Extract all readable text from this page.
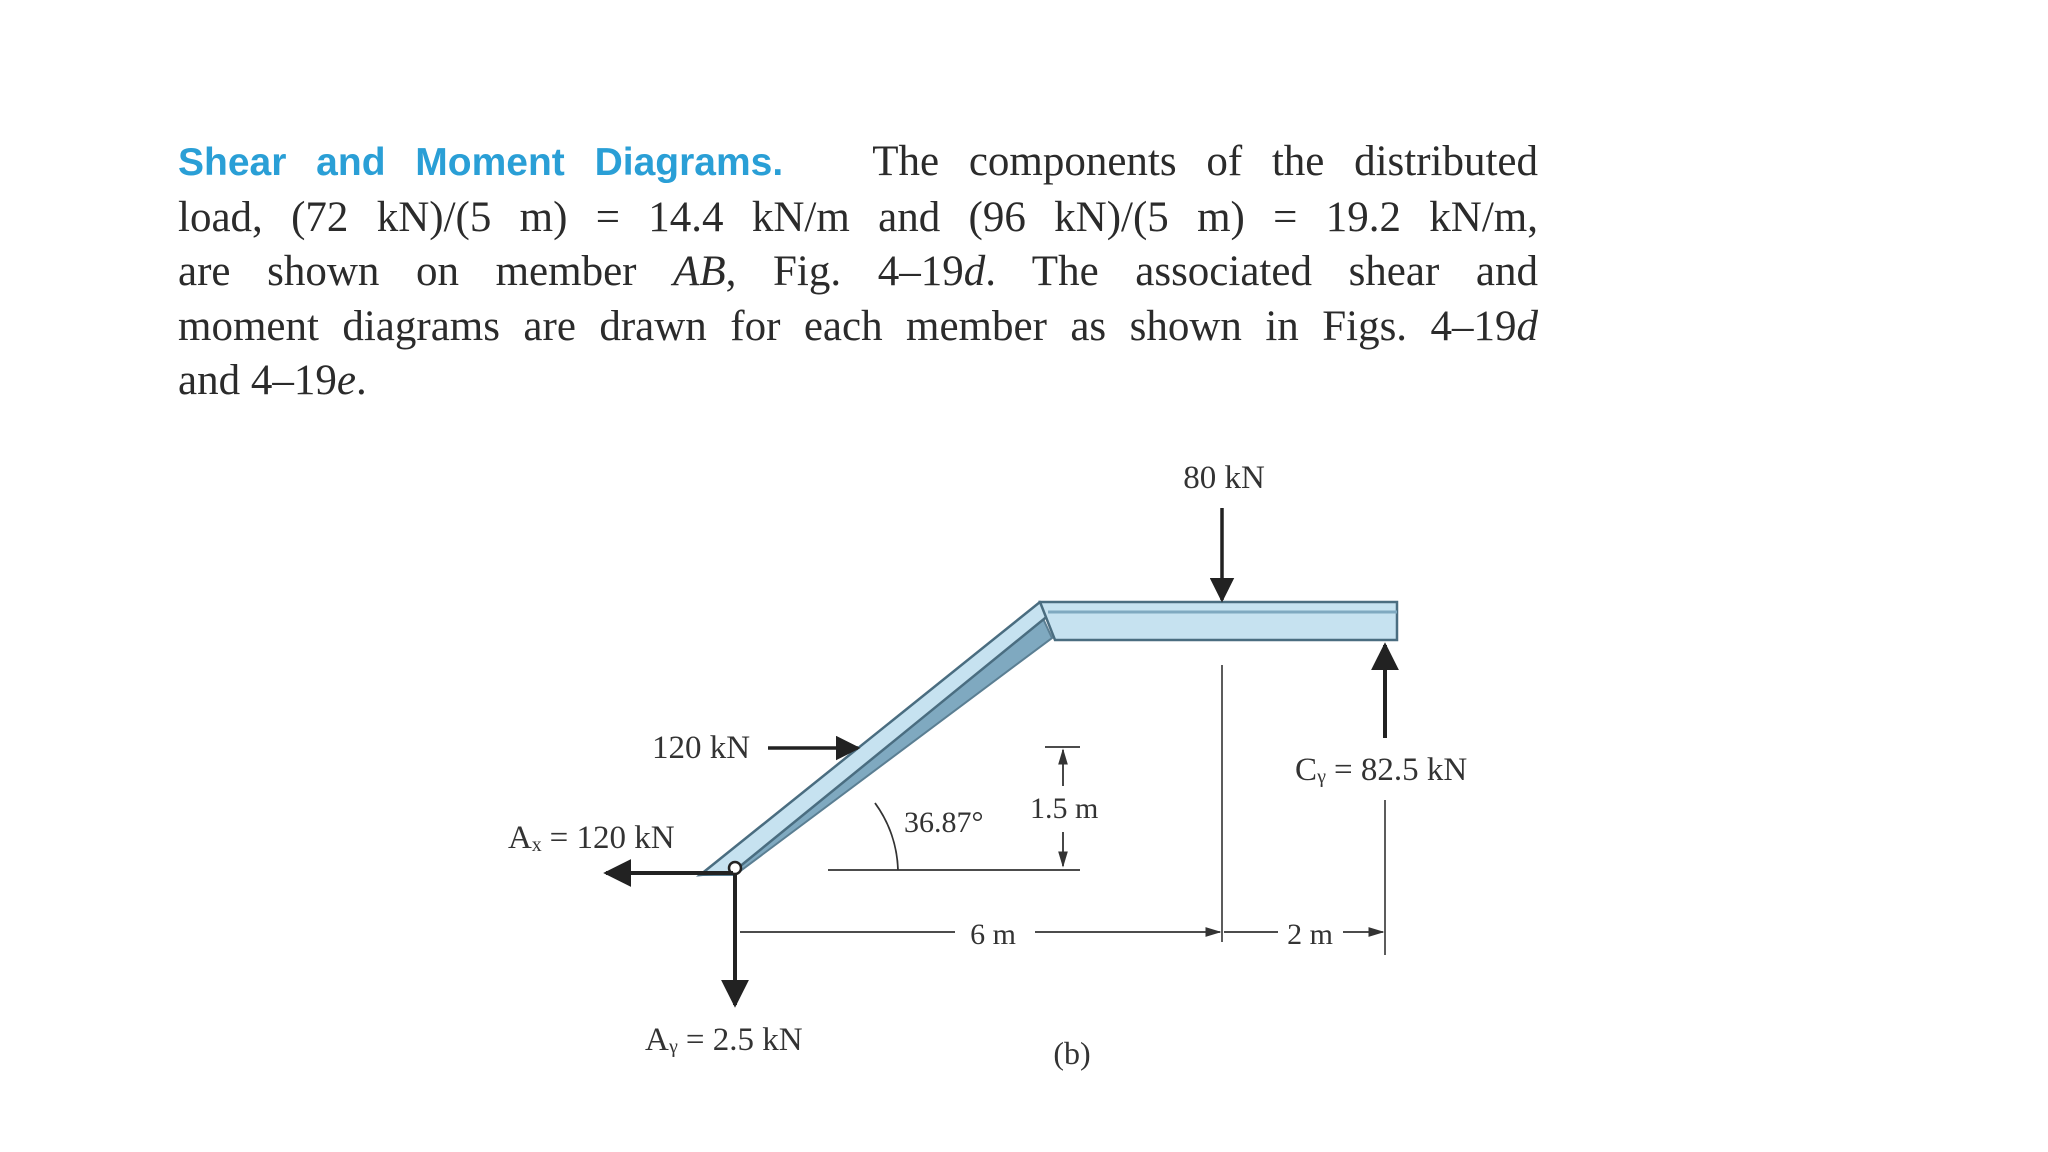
Shear and Moment Diagrams. The components of the distributed
load, (72 kN)/(5 m) = 14.4 kN/m and (96 kN)/(5 m) = 19.2 kN/m,
are shown on member AB, Fig. 4–19d. The associated shear and
moment diagrams are drawn for each member as shown in Figs. 4–19d
and 4–19e.
80 kN
120 kN
Aₓ = 120 kN
Aᵧ = 2.5 kN
Cᵧ = 82.5 kN
36.87° 1.5 m
6 m	2 m
(b)
